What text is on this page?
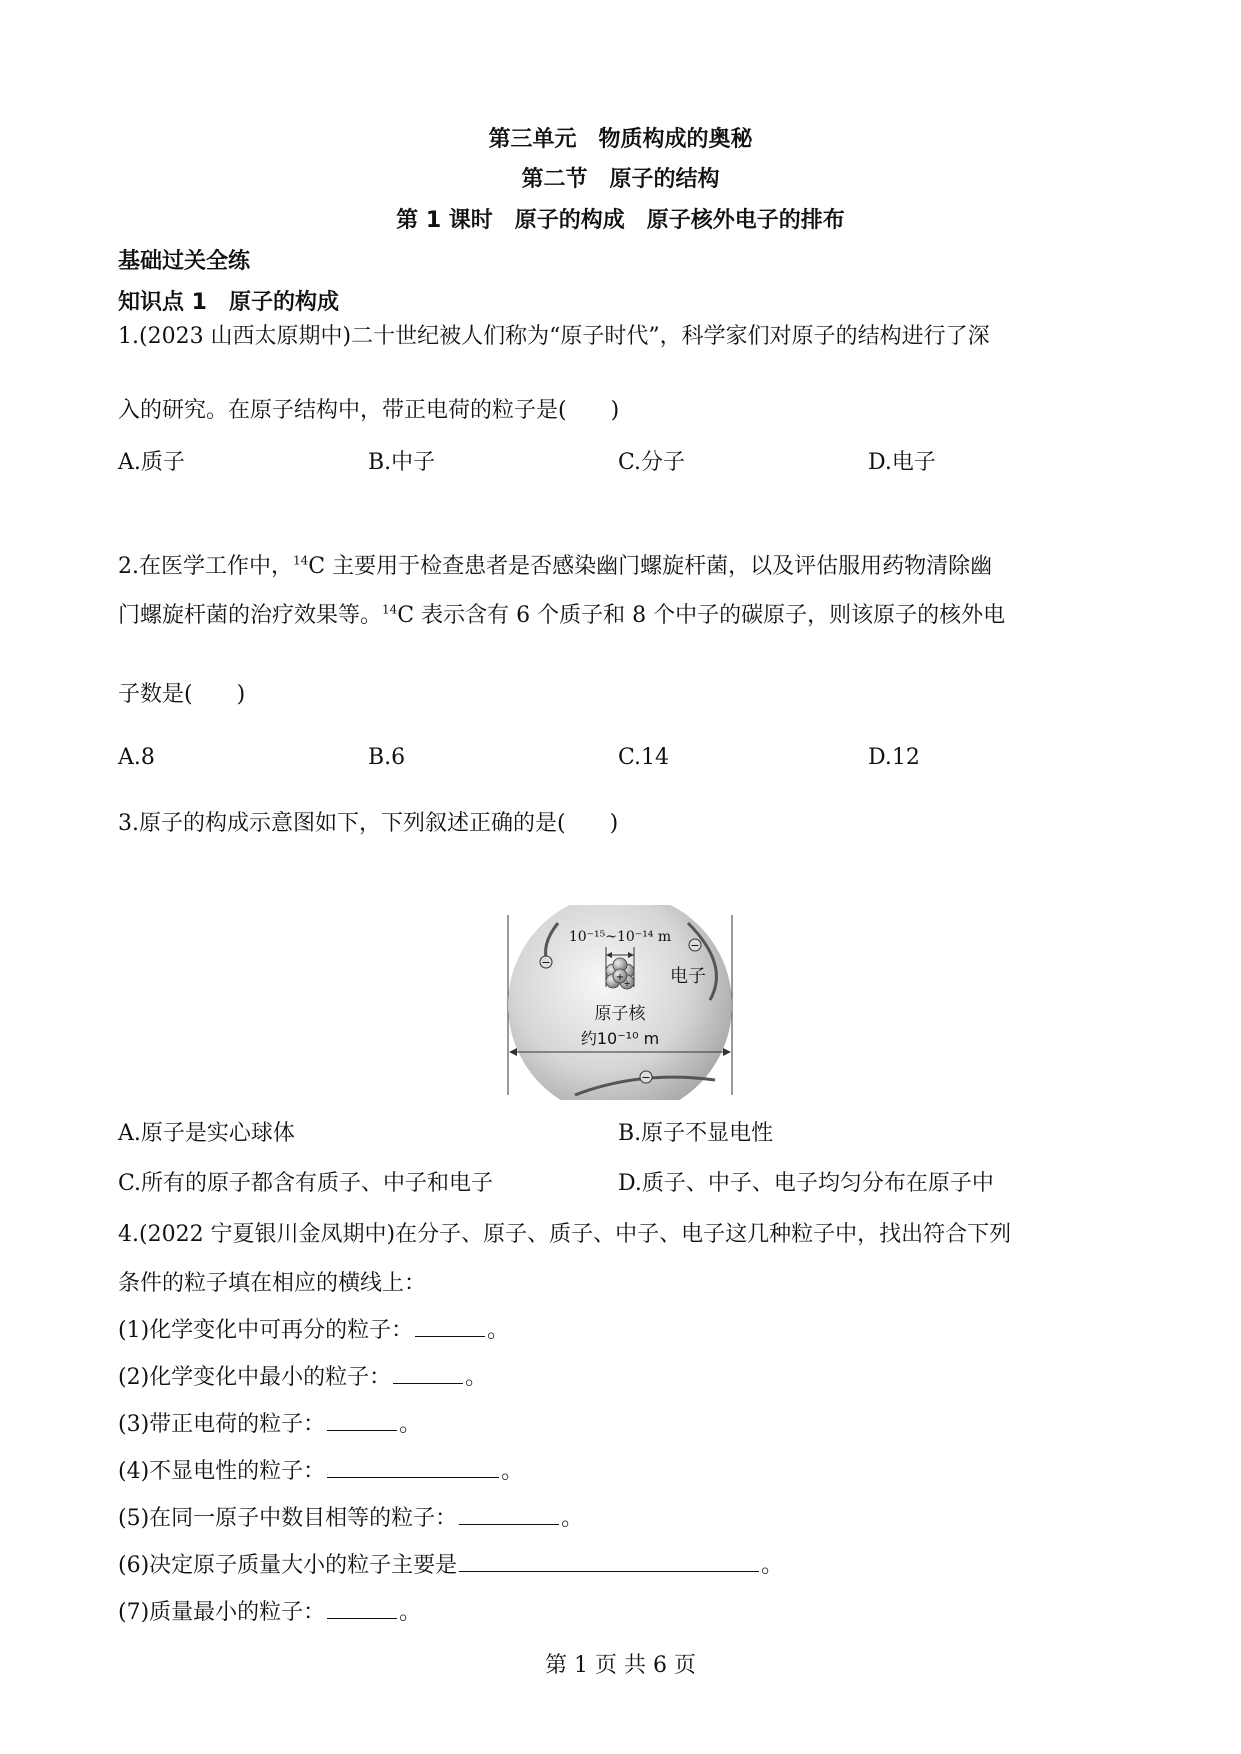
第三单元　物质构成的奥秘
第二节　原子的结构
第 1 课时　原子的构成　原子核外电子的排布
基础过关全练
知识点 1　原子的构成
1.(2023 山西太原期中)二十世纪被人们称为“原子时代”，科学家们对原子的结构进行了深
入的研究。在原子结构中，带正电荷的粒子是(　　)
A.质子	B.中子	C.分子	D.电子
2.在医学工作中，$^{14}$C 主要用于检查患者是否感染幽门螺旋杆菌，以及评估服用药物清除幽
门螺旋杆菌的治疗效果等。$^{14}$C 表示含有 6 个质子和 8 个中子的碳原子，则该原子的核外电
子数是(　　)
A.8	B.6	C.14	D.12
3.原子的构成示意图如下，下列叙述正确的是(　　)
−
−
−
10⁻¹⁵~10⁻¹⁴ m
+
+ 电子
原子核
约10⁻¹⁰ m
A.原子是实心球体	B.原子不显电性
C.所有的原子都含有质子、中子和电子	D.质子、中子、电子均匀分布在原子中
4.(2022 宁夏银川金凤期中)在分子、原子、质子、中子、电子这几种粒子中，找出符合下列
条件的粒子填在相应的横线上：
(1)化学变化中可再分的粒子：	。
(2)化学变化中最小的粒子：	。
(3)带正电荷的粒子：	。
(4)不显电性的粒子：	。
(5)在同一原子中数目相等的粒子：	。
(6)决定原子质量大小的粒子主要是	。
(7)质量最小的粒子：	。
第 1 页 共 6 页
